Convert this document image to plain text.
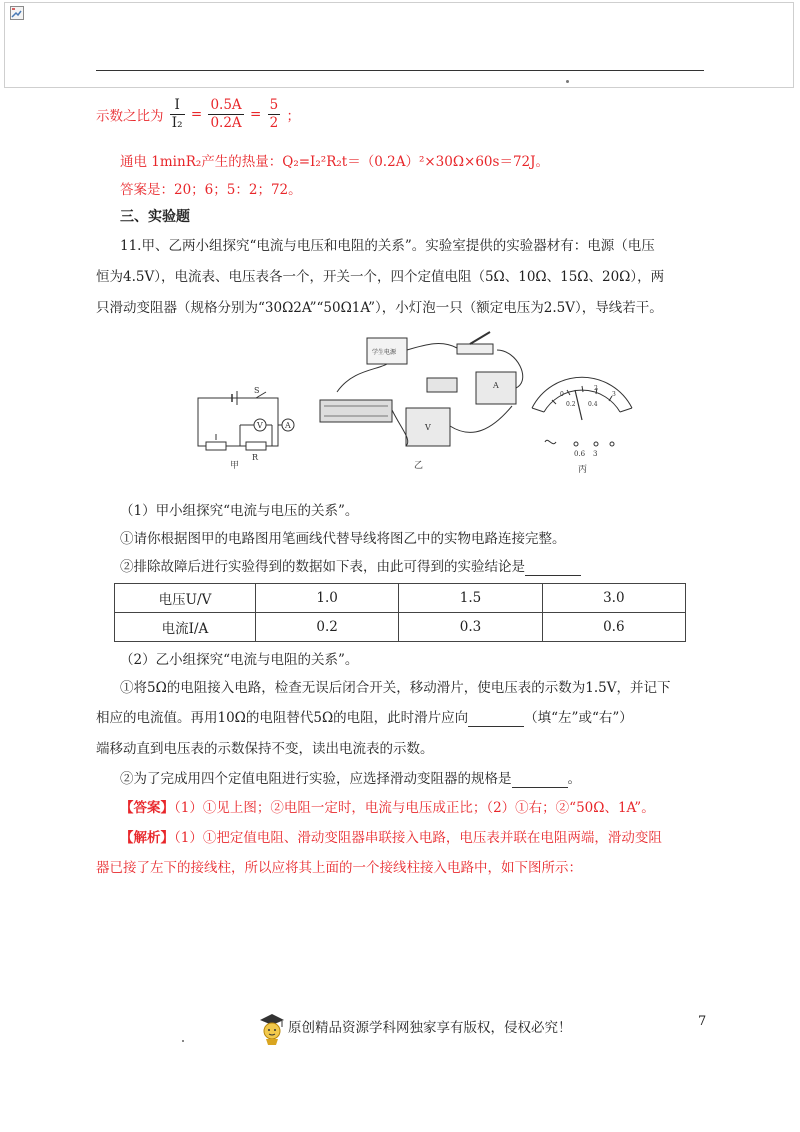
示数之比为 $\frac{I}{\text{I₂}} = \frac{0.5A}{0.2A} = \frac{5}{2}$ ；
通电 1minR₂产生的热量：Q₂=I₂²R₂t＝（0.2A）²×30Ω×60s＝72J。
答案是：20；6；5：2；72。
三、实验题
11.甲、乙两小组探究“电流与电压和电阻的关系”。实验室提供的实验器材有：电源（电压
恒为4.5V），电流表、电压表各一个，开关一个，四个定值电阻（5Ω、10Ω、15Ω、20Ω），两
只滑动变阻器（规格分别为“30Ω2A”“50Ω1A”），小灯泡一只（额定电压为2.5V），导线若干。
S
V	A
R
甲
学生电源
A
V
乙
0
0.2 0.4
2
3
0.6 3
丙
（1）甲小组探究“电流与电压的关系”。
①请你根据图甲的电路图用笔画线代替导线将图乙中的实物电路连接完整。
②排除故障后进行实验得到的数据如下表，由此可得到的实验结论是
电压U/V	1.0	1.5	3.0
电流I/A	0.2	0.3	0.6
（2）乙小组探究“电流与电阻的关系”。
①将5Ω的电阻接入电路，检查无误后闭合开关，移动滑片，使电压表的示数为1.5V，并记下
相应的电流值。再用10Ω的电阻替代5Ω的电阻，此时滑片应向	（填“左”或“右”）
端移动直到电压表的示数保持不变，读出电流表的示数。
②为了完成用四个定值电阻进行实验，应选择滑动变阻器的规格是	。
【答案】（1）①见上图；②电阻一定时，电流与电压成正比；（2）①右；②“50Ω、1A”。
【解析】（1）①把定值电阻、滑动变阻器串联接入电路，电压表并联在电阻两端，滑动变阻
器已接了左下的接线柱，所以应将其上面的一个接线柱接入电路中，如下图所示：
7
原创精品资源学科网独家享有版权，侵权必究！
